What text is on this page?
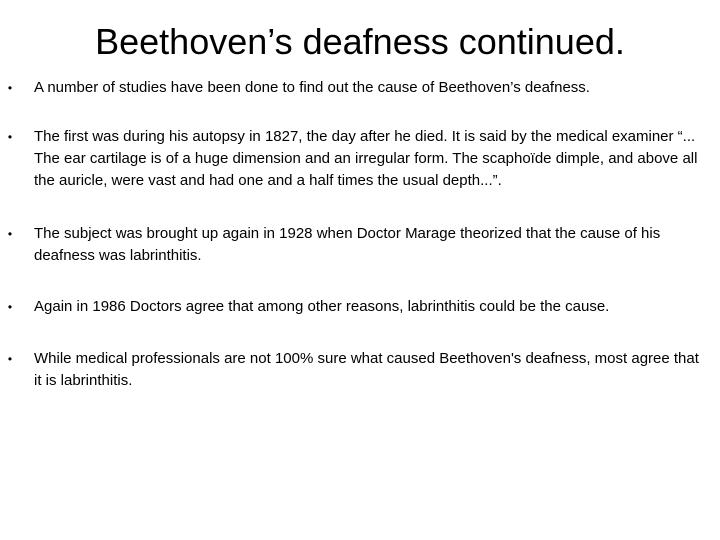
Beethoven’s deafness continued.
• A number of studies have been done to find out the cause of Beethoven’s deafness.

• The first was during his autopsy in 1827, the day after he died. It is said by the medical examiner “... The ear cartilage is of a huge dimension and an irregular form. The scaphoïde dimple, and above all the auricle, were vast and had one and a half times the usual depth...”.

• The subject was brought up again in 1928 when Doctor Marage theorized that the cause of his deafness was labrinthitis.

• Again in 1986 Doctors agree that among other reasons, labrinthitis could be the cause.

• While medical professionals are not 100% sure what caused Beethoven's deafness, most agree that it is labrinthitis.
